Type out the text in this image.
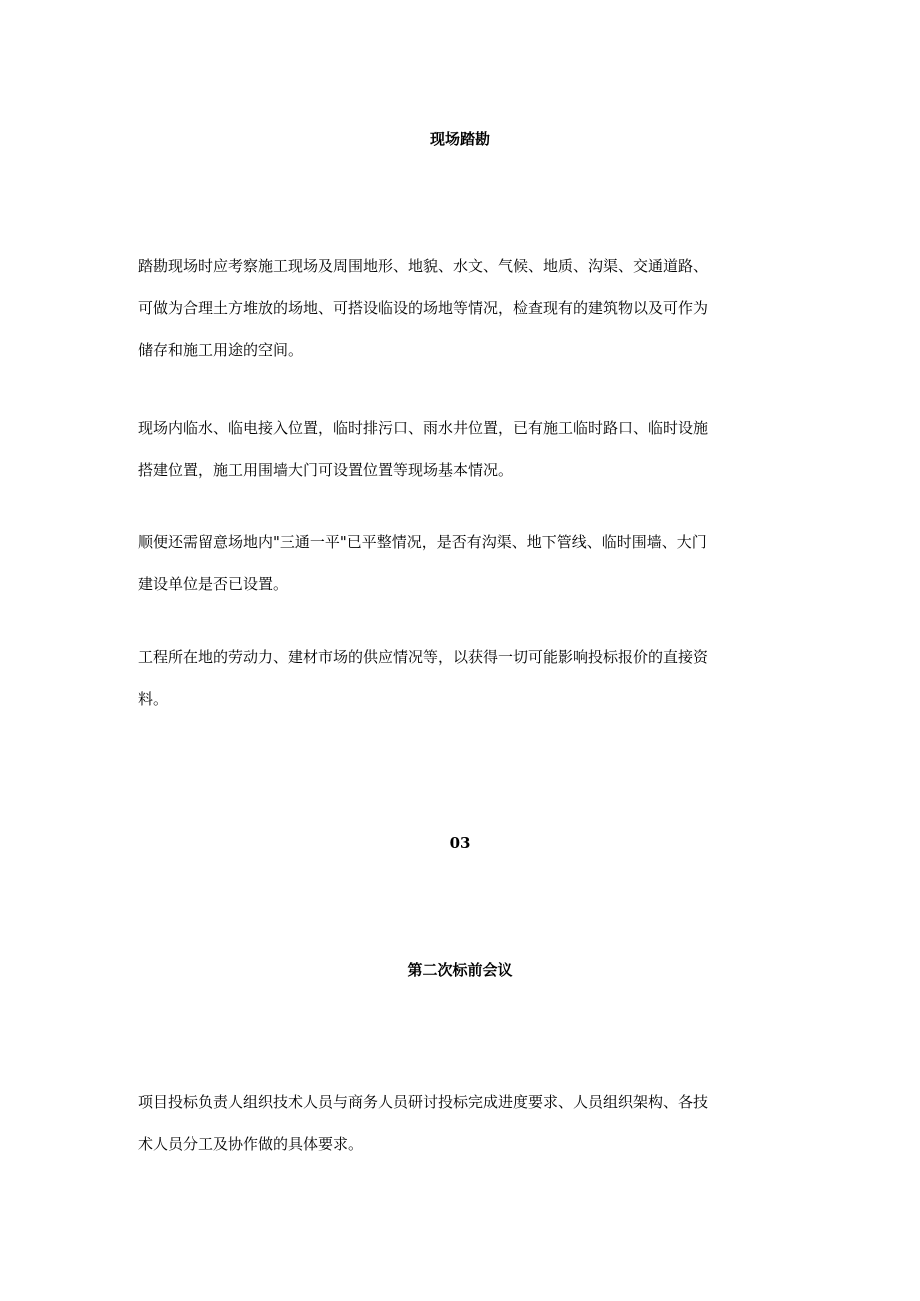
现场踏勘

踏勘现场时应考察施工现场及周围地形、地貌、水文、气候、地质、沟渠、交通道路、
可做为合理土方堆放的场地、可搭设临设的场地等情况，检查现有的建筑物以及可作为
储存和施工用途的空间。

现场内临水、临电接入位置，临时排污口、雨水井位置，已有施工临时路口、临时设施
搭建位置，施工用围墙大门可设置位置等现场基本情况。

顺便还需留意场地内"三通一平"已平整情况，是否有沟渠、地下管线、临时围墙、大门
建设单位是否已设置。

工程所在地的劳动力、建材市场的供应情况等，以获得一切可能影响投标报价的直接资
料。

03
第二次标前会议

项目投标负责人组织技术人员与商务人员研讨投标完成进度要求、人员组织架构、各技
术人员分工及协作做的具体要求。
